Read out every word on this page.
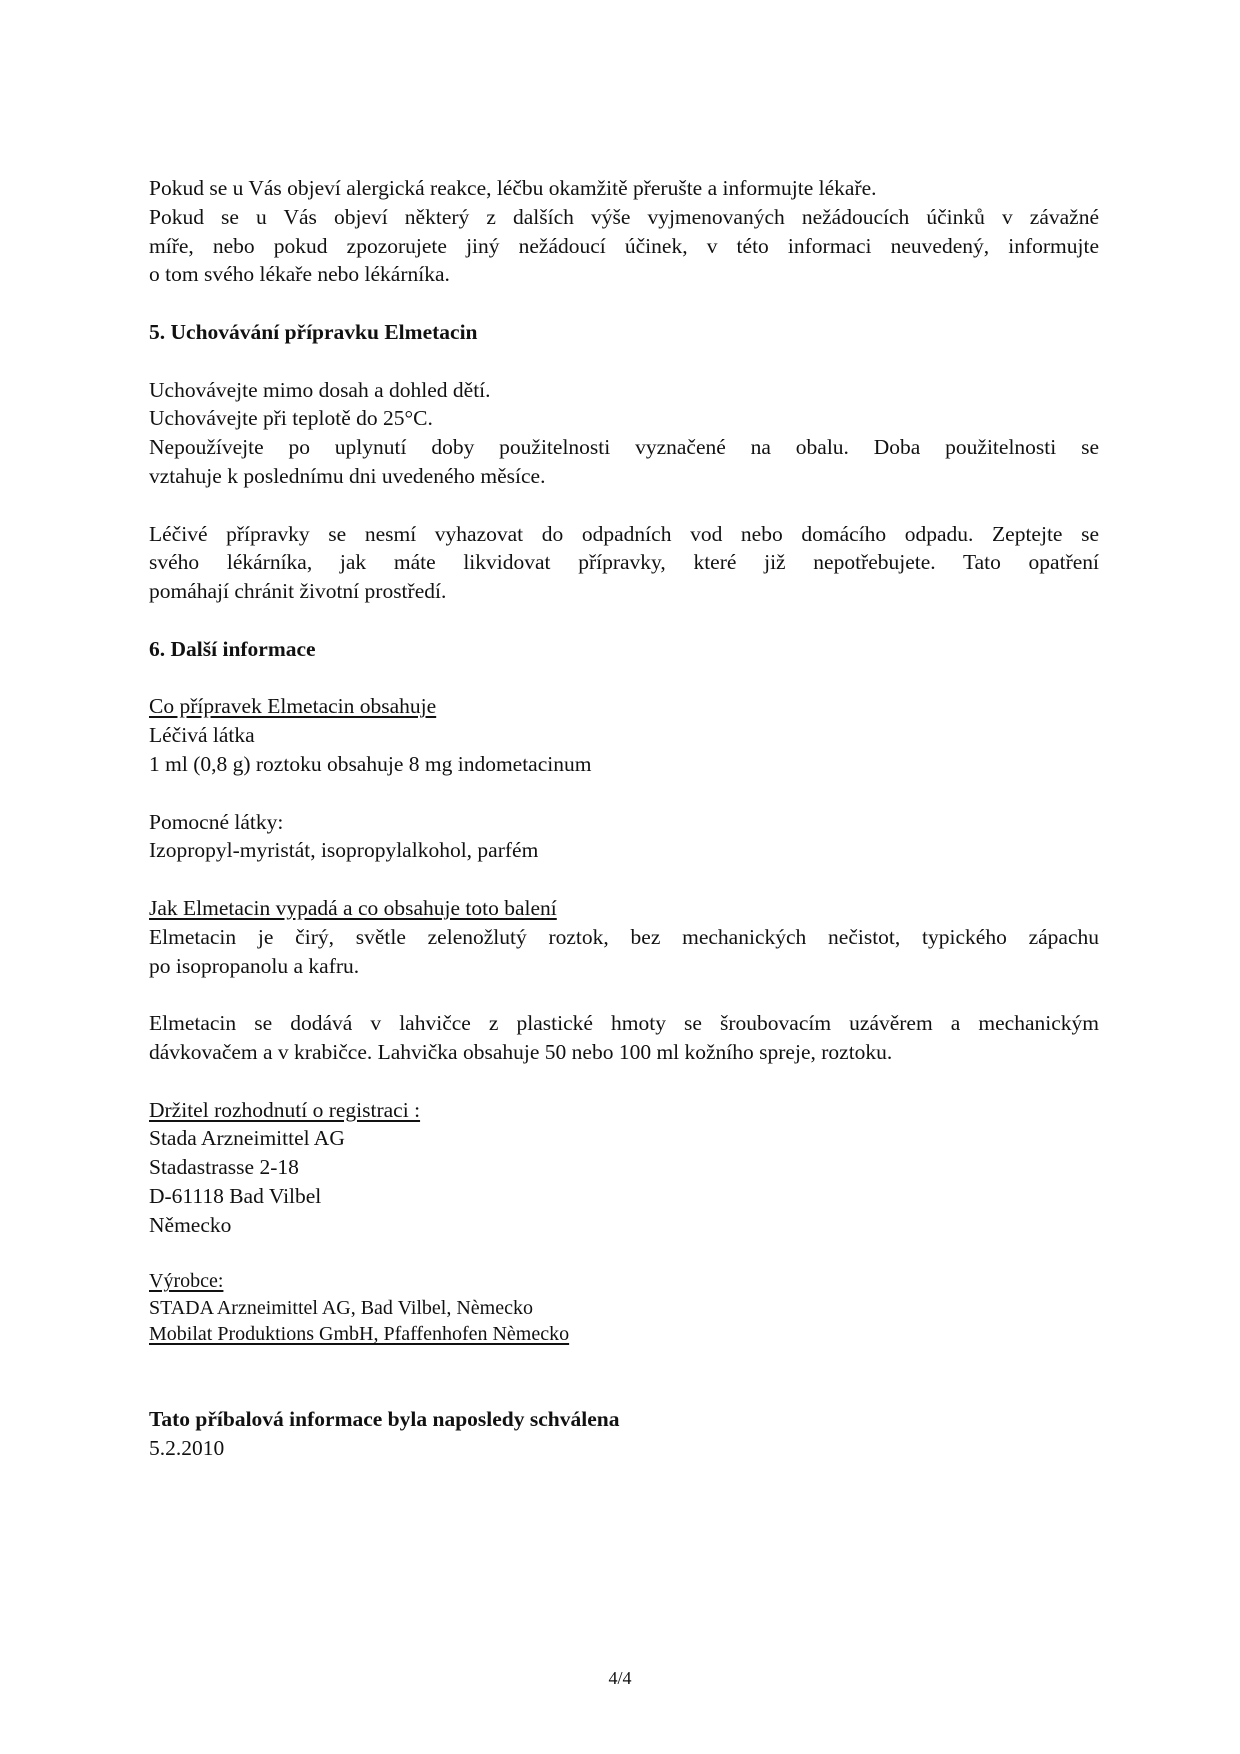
Pokud se u Vás objeví alergická reakce, léčbu okamžitě přerušte a informujte lékaře.
Pokud se u Vás objeví některý z dalších výše vyjmenovaných nežádoucích účinků v závažné
míře, nebo pokud zpozorujete jiný nežádoucí účinek, v této informaci neuvedený, informujte
o tom svého lékaře nebo lékárníka.
5. Uchovávání přípravku Elmetacin
Uchovávejte mimo dosah a dohled dětí.
Uchovávejte při teplotě do 25°C.
Nepoužívejte po uplynutí doby použitelnosti vyznačené na obalu. Doba použitelnosti se
vztahuje k poslednímu dni uvedeného měsíce.
Léčivé přípravky se nesmí vyhazovat do odpadních vod nebo domácího odpadu. Zeptejte se
svého lékárníka, jak máte likvidovat přípravky, které již nepotřebujete. Tato opatření
pomáhají chránit životní prostředí.
6. Další informace
Co přípravek Elmetacin obsahuje
Léčivá látka
1 ml (0,8 g) roztoku obsahuje 8 mg indometacinum
Pomocné látky:
Izopropyl-myristát, isopropylalkohol, parfém
Jak Elmetacin vypadá a co obsahuje toto balení
Elmetacin je čirý, světle zelenožlutý roztok, bez mechanických nečistot, typického zápachu
po isopropanolu a kafru.
Elmetacin se dodává v lahvičce z plastické hmoty se šroubovacím uzávěrem a mechanickým
dávkovačem a v krabičce. Lahvička obsahuje 50 nebo 100 ml kožního spreje, roztoku.
Držitel rozhodnutí o registraci :
Stada Arzneimittel AG
Stadastrasse 2-18
D-61118 Bad Vilbel
Německo
Výrobce:
STADA Arzneimittel AG, Bad Vilbel, Nèmecko
Mobilat Produktions GmbH, Pfaffenhofen Nèmecko
Tato příbalová informace byla naposledy schválena
5.2.2010
4/4
